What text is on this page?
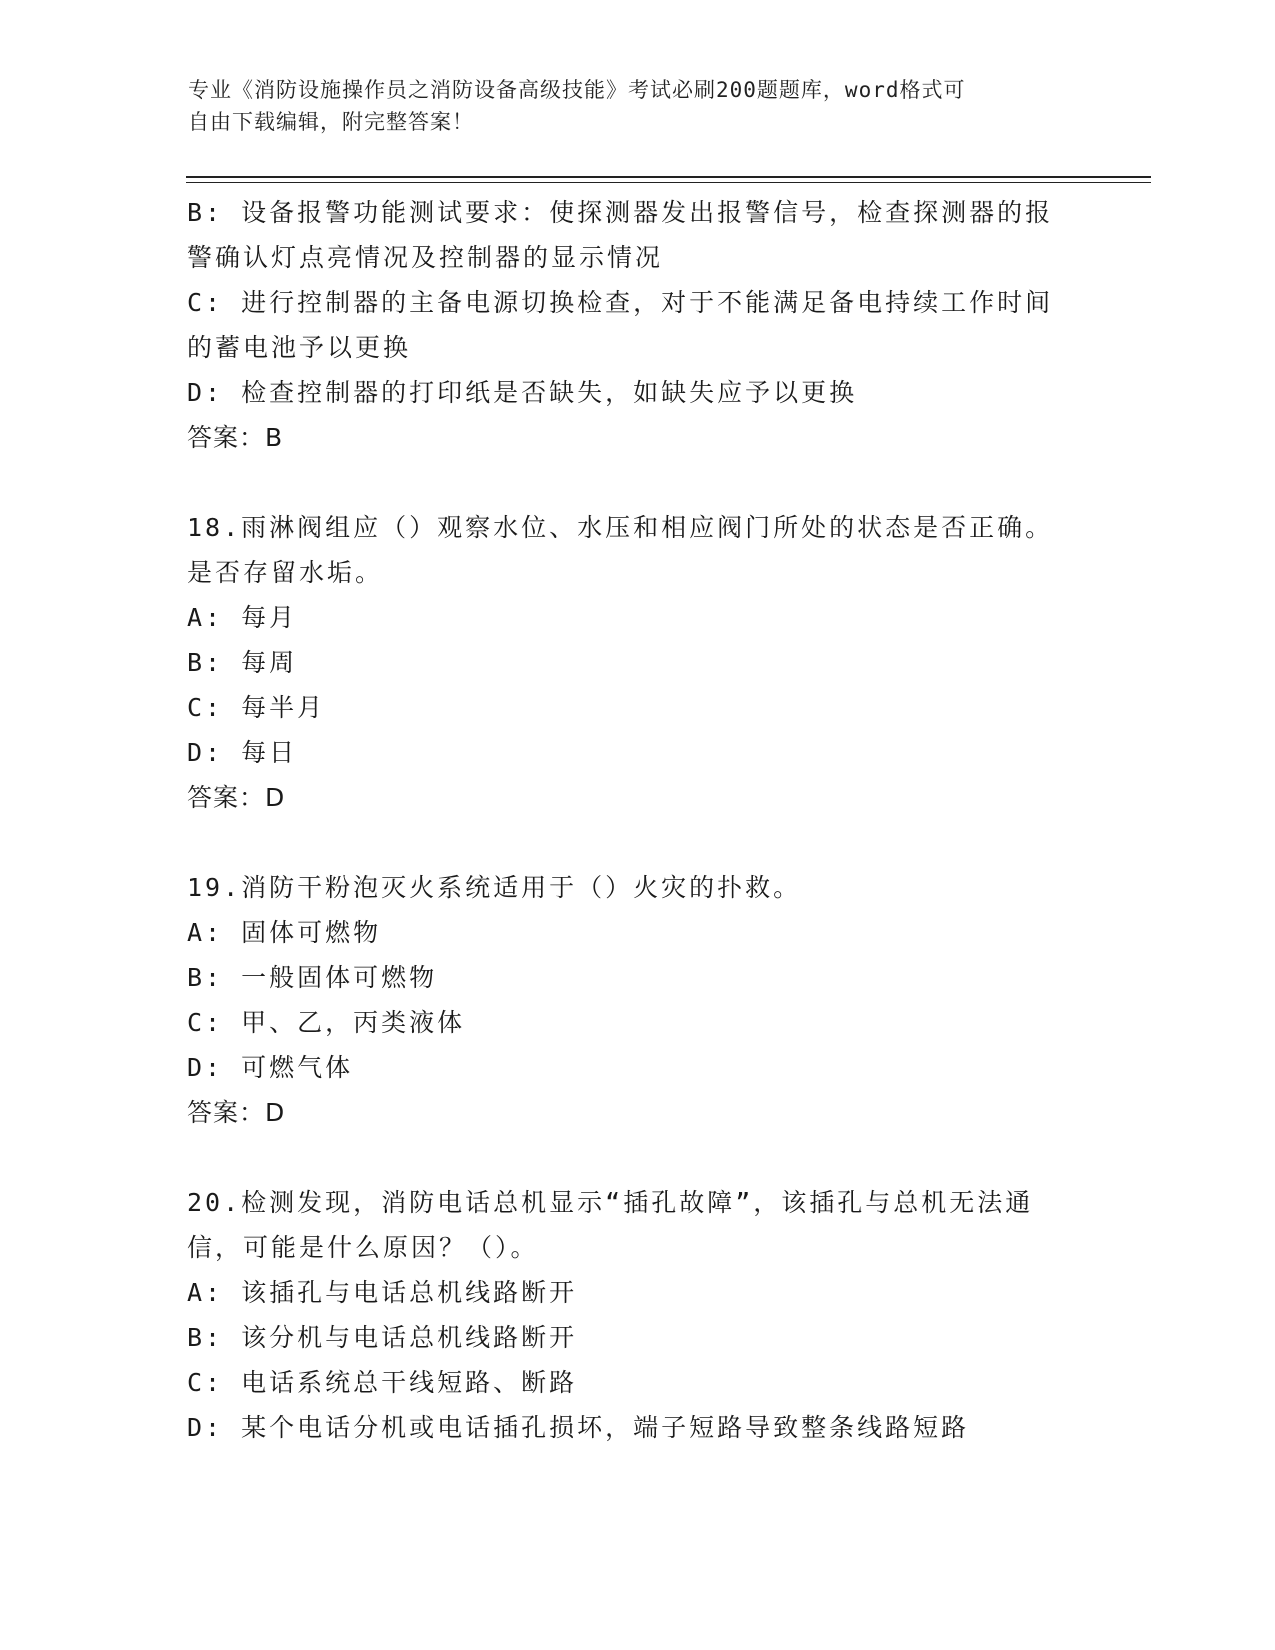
专业《消防设施操作员之消防设备高级技能》考试必刷200题题库，word格式可
自由下载编辑，附完整答案！
B: 设备报警功能测试要求：使探测器发出报警信号，检查探测器的报
警确认灯点亮情况及控制器的显示情况
C: 进行控制器的主备电源切换检查，对于不能满足备电持续工作时间
的蓄电池予以更换
D: 检查控制器的打印纸是否缺失，如缺失应予以更换
答案：B
18.雨淋阀组应（）观察水位、水压和相应阀门所处的状态是否正确。
是否存留水垢。
A: 每月
B: 每周
C: 每半月
D: 每日
答案：D
19.消防干粉泡灭火系统适用于（）火灾的扑救。
A: 固体可燃物
B: 一般固体可燃物
C: 甲、乙，丙类液体
D: 可燃气体
答案：D
20.检测发现，消防电话总机显示“插孔故障”，该插孔与总机无法通
信，可能是什么原因？（）。
A: 该插孔与电话总机线路断开
B: 该分机与电话总机线路断开
C: 电话系统总干线短路、断路
D: 某个电话分机或电话插孔损坏，端子短路导致整条线路短路
